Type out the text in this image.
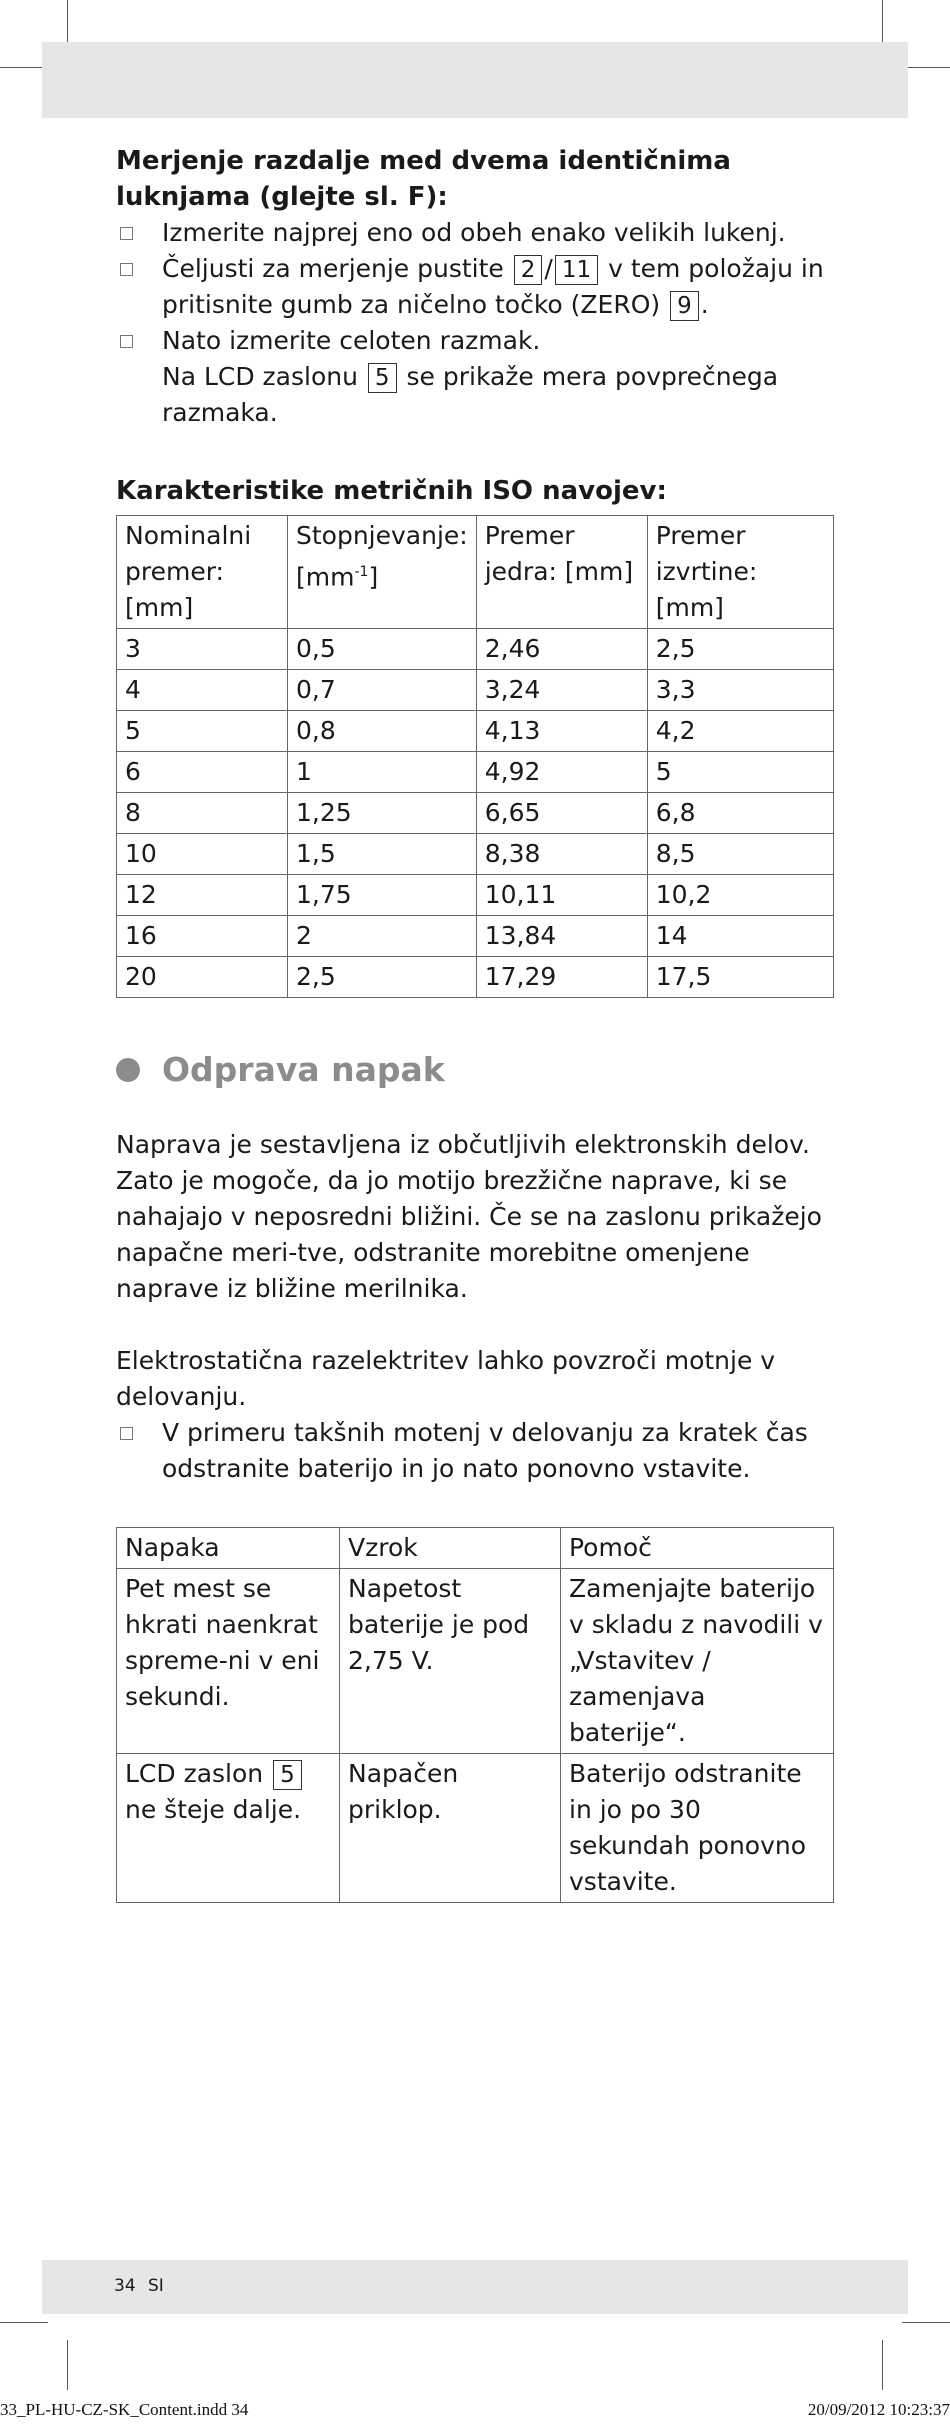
Merjenje razdalje med dvema identičnima luknjama (glejte sl. F):
Izmerite najprej eno od obeh enako velikih lukenj.
Čeljusti za merjenje pustite 2 / 11 v tem položaju in pritisnite gumb za ničelno točko (ZERO) 9 .
Nato izmerite celoten razmak.
Na LCD zaslonu 5 se prikaže mera povprečnega razmaka.
Karakteristike metričnih ISO navojev:
Nominalni premer: [mm]	Stopnjevanje: $[mm^{-1}]$	Premer jedra: [mm]	Premer izvrtine: [mm]
3	0,5	2,46	2,5
4	0,7	3,24	3,3
5	0,8	4,13	4,2
6	1	4,92	5
8	1,25	6,65	6,8
10	1,5	8,38	8,5
12	1,75	10,11	10,2
16	2	13,84	14
20	2,5	17,29	17,5
Odprava napak

Naprava je sestavljena iz občutljivih elektronskih delov. Zato je mogoče, da jo motijo brezžične naprave, ki se nahajajo v neposredni bližini. Če se na zaslonu prikažejo napačne meri-tve, odstranite morebitne omenjene naprave iz bližine merilnika.

Elektrostatična razelektritev lahko povzroči motnje v delovanju.

V primeru takšnih motenj v delovanju za kratek čas odstranite baterijo in jo nato ponovno vstavite.
Napaka	Vzrok	Pomoč
Pet mest se hkrati naenkrat spreme-ni v eni sekundi.	Napetost baterije je pod 2,75 V.	Zamenjajte baterijo v skladu z navodili v „Vstavitev / zamenjava baterije“.
LCD zaslon 5 ne šteje dalje.	Napačen priklop.	Baterijo odstranite in jo po 30 sekundah ponovno vstavite.
34 SI
33_PL-HU-CZ-SK_Content.indd 34	20/09/2012 10:23:37
